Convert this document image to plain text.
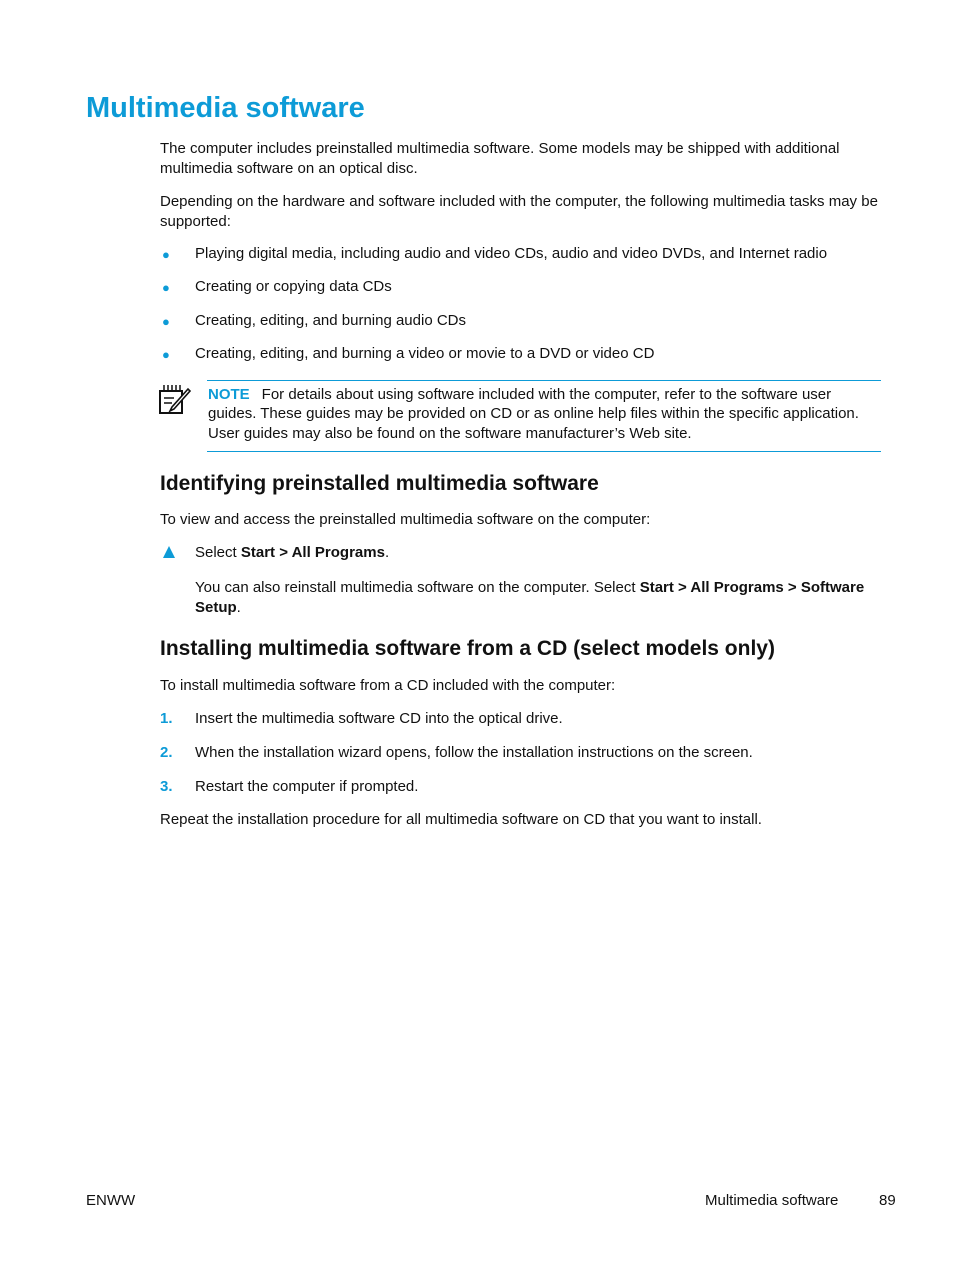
Multimedia software
The computer includes preinstalled multimedia software. Some models may be shipped with additional multimedia software on an optical disc.
Depending on the hardware and software included with the computer, the following multimedia tasks may be supported:
● Playing digital media, including audio and video CDs, audio and video DVDs, and Internet radio
● Creating or copying data CDs
● Creating, editing, and burning audio CDs
● Creating, editing, and burning a video or movie to a DVD or video CD
NOTE For details about using software included with the computer, refer to the software user guides. These guides may be provided on CD or as online help files within the specific application. User guides may also be found on the software manufacturer’s Web site.
Identifying preinstalled multimedia software
To view and access the preinstalled multimedia software on the computer:
Select Start > All Programs.
You can also reinstall multimedia software on the computer. Select Start > All Programs > Software Setup.
Installing multimedia software from a CD (select models only)
To install multimedia software from a CD included with the computer:
1. Insert the multimedia software CD into the optical drive.
2. When the installation wizard opens, follow the installation instructions on the screen.
3. Restart the computer if prompted.
Repeat the installation procedure for all multimedia software on CD that you want to install.
ENWW	Multimedia software	89
